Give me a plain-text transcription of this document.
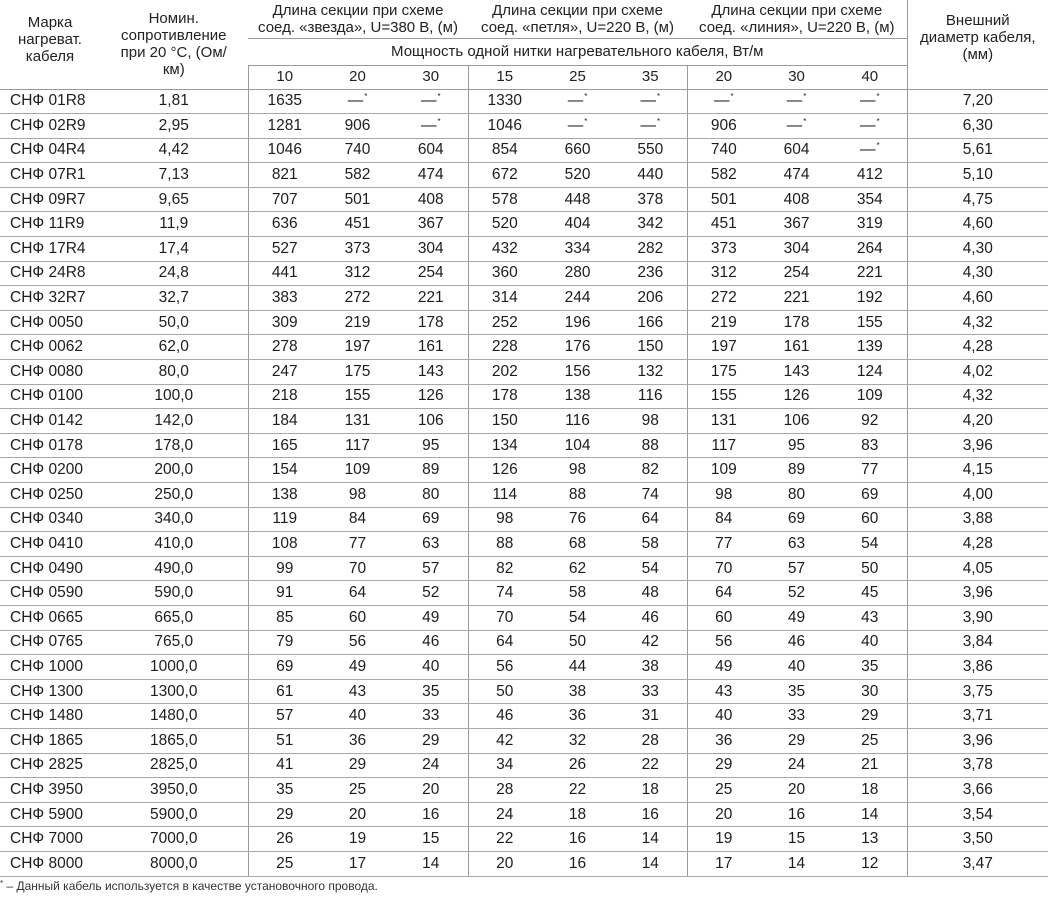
Марка нагреват. кабеля	Номин. сопротивление при 20 °С, (Ом/ км)	Длина секции при схеме соед. «звезда», U=380 В, (м)			Длина секции при схеме соед. «петля», U=220 В, (м)			Длина секции при схеме соед. «линия», U=220 В, (м)			Внешний диаметр кабеля, (мм)
		Мощность одной нитки нагревательного кабеля, Вт/м									
		10	20	30	15	25	35	20	30	40	
СНФ 01R8	1,81	1635	—*	—*	1330	—*	—*	—*	—*	—*	7,20
СНФ 02R9	2,95	1281	906	—*	1046	—*	—*	906	—*	—*	6,30
СНФ 04R4	4,42	1046	740	604	854	660	550	740	604	—*	5,61
СНФ 07R1	7,13	821	582	474	672	520	440	582	474	412	5,10
СНФ 09R7	9,65	707	501	408	578	448	378	501	408	354	4,75
СНФ 11R9	11,9	636	451	367	520	404	342	451	367	319	4,60
СНФ 17R4	17,4	527	373	304	432	334	282	373	304	264	4,30
СНФ 24R8	24,8	441	312	254	360	280	236	312	254	221	4,30
СНФ 32R7	32,7	383	272	221	314	244	206	272	221	192	4,60
СНФ 0050	50,0	309	219	178	252	196	166	219	178	155	4,32
СНФ 0062	62,0	278	197	161	228	176	150	197	161	139	4,28
СНФ 0080	80,0	247	175	143	202	156	132	175	143	124	4,02
СНФ 0100	100,0	218	155	126	178	138	116	155	126	109	4,32
СНФ 0142	142,0	184	131	106	150	116	98	131	106	92	4,20
СНФ 0178	178,0	165	117	95	134	104	88	117	95	83	3,96
СНФ 0200	200,0	154	109	89	126	98	82	109	89	77	4,15
СНФ 0250	250,0	138	98	80	114	88	74	98	80	69	4,00
СНФ 0340	340,0	119	84	69	98	76	64	84	69	60	3,88
СНФ 0410	410,0	108	77	63	88	68	58	77	63	54	4,28
СНФ 0490	490,0	99	70	57	82	62	54	70	57	50	4,05
СНФ 0590	590,0	91	64	52	74	58	48	64	52	45	3,96
СНФ 0665	665,0	85	60	49	70	54	46	60	49	43	3,90
СНФ 0765	765,0	79	56	46	64	50	42	56	46	40	3,84
СНФ 1000	1000,0	69	49	40	56	44	38	49	40	35	3,86
СНФ 1300	1300,0	61	43	35	50	38	33	43	35	30	3,75
СНФ 1480	1480,0	57	40	33	46	36	31	40	33	29	3,71
СНФ 1865	1865,0	51	36	29	42	32	28	36	29	25	3,96
СНФ 2825	2825,0	41	29	24	34	26	22	29	24	21	3,78
СНФ 3950	3950,0	35	25	20	28	22	18	25	20	18	3,66
СНФ 5900	5900,0	29	20	16	24	18	16	20	16	14	3,54
СНФ 7000	7000,0	26	19	15	22	16	14	19	15	13	3,50
СНФ 8000	8000,0	25	17	14	20	16	14	17	14	12	3,47
* – Данный кабель используется в качестве установочного провода.
